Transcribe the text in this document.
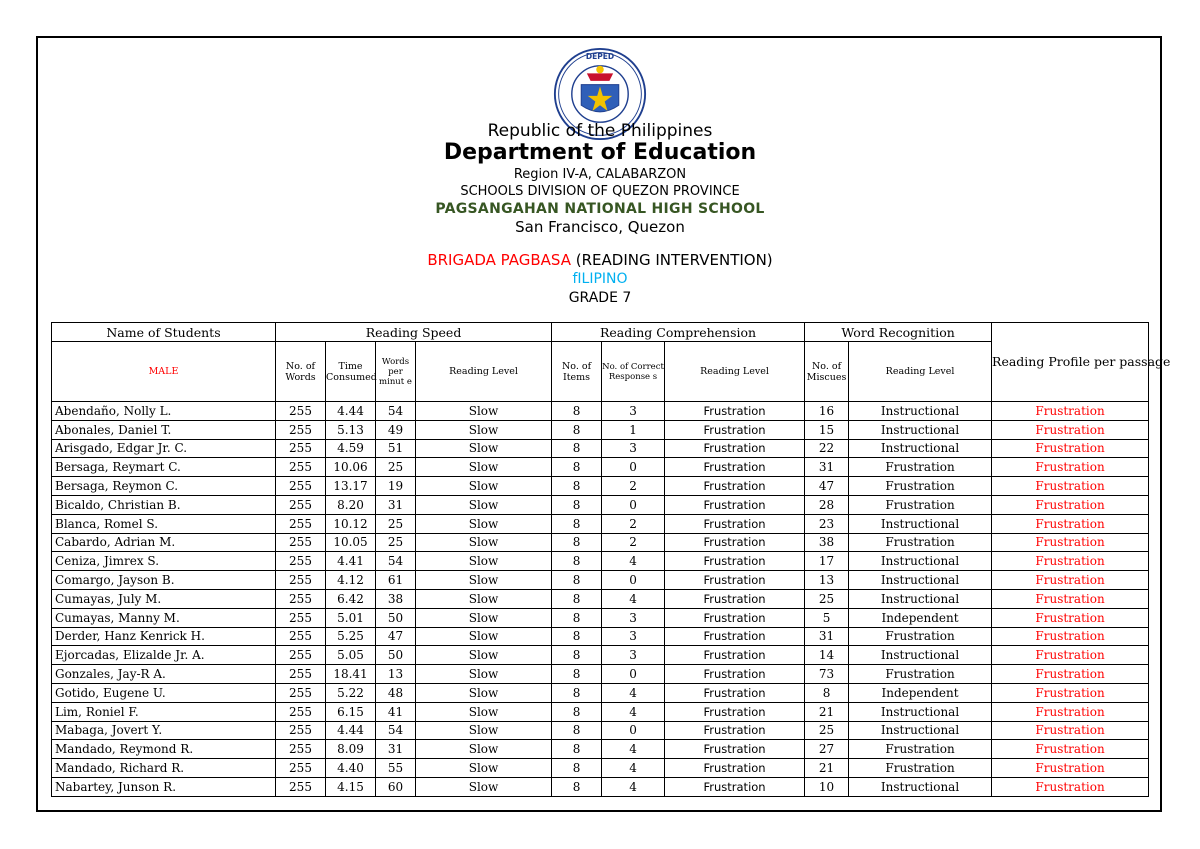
DEPED
Republic of the Philippines
Department of Education
Region IV-A, CALABARZON
SCHOOLS DIVISION OF QUEZON PROVINCE
PAGSANGAHAN NATIONAL HIGH SCHOOL
San Francisco, Quezon
BRIGADA PAGBASA (READING INTERVENTION)
fILIPINO
GRADE 7
Name of Students	Reading Speed				Reading Comprehension			Word Recognition		Reading Profile per passage
MALE	No. of Words	Time Consumed	Words per minut e	Reading Level	No. of Items	No. of Correct Response s	Reading Level	No. of Miscues	Reading Level	
Abendaño, Nolly L.	255	4.44	54	Slow	8	3	Frustration	16	Instructional	Frustration
Abonales, Daniel T.	255	5.13	49	Slow	8	1	Frustration	15	Instructional	Frustration
Arisgado, Edgar Jr. C.	255	4.59	51	Slow	8	3	Frustration	22	Instructional	Frustration
Bersaga, Reymart C.	255	10.06	25	Slow	8	0	Frustration	31	Frustration	Frustration
Bersaga, Reymon C.	255	13.17	19	Slow	8	2	Frustration	47	Frustration	Frustration
Bicaldo, Christian B.	255	8.20	31	Slow	8	0	Frustration	28	Frustration	Frustration
Blanca, Romel S.	255	10.12	25	Slow	8	2	Frustration	23	Instructional	Frustration
Cabardo, Adrian M.	255	10.05	25	Slow	8	2	Frustration	38	Frustration	Frustration
Ceniza, Jimrex S.	255	4.41	54	Slow	8	4	Frustration	17	Instructional	Frustration
Comargo, Jayson B.	255	4.12	61	Slow	8	0	Frustration	13	Instructional	Frustration
Cumayas, July M.	255	6.42	38	Slow	8	4	Frustration	25	Instructional	Frustration
Cumayas, Manny M.	255	5.01	50	Slow	8	3	Frustration	5	Independent	Frustration
Derder, Hanz Kenrick H.	255	5.25	47	Slow	8	3	Frustration	31	Frustration	Frustration
Ejorcadas, Elizalde Jr. A.	255	5.05	50	Slow	8	3	Frustration	14	Instructional	Frustration
Gonzales, Jay-R A.	255	18.41	13	Slow	8	0	Frustration	73	Frustration	Frustration
Gotido, Eugene U.	255	5.22	48	Slow	8	4	Frustration	8	Independent	Frustration
Lim, Roniel F.	255	6.15	41	Slow	8	4	Frustration	21	Instructional	Frustration
Mabaga, Jovert Y.	255	4.44	54	Slow	8	0	Frustration	25	Instructional	Frustration
Mandado, Reymond R.	255	8.09	31	Slow	8	4	Frustration	27	Frustration	Frustration
Mandado, Richard R.	255	4.40	55	Slow	8	4	Frustration	21	Frustration	Frustration
Nabartey, Junson R.	255	4.15	60	Slow	8	4	Frustration	10	Instructional	Frustration
